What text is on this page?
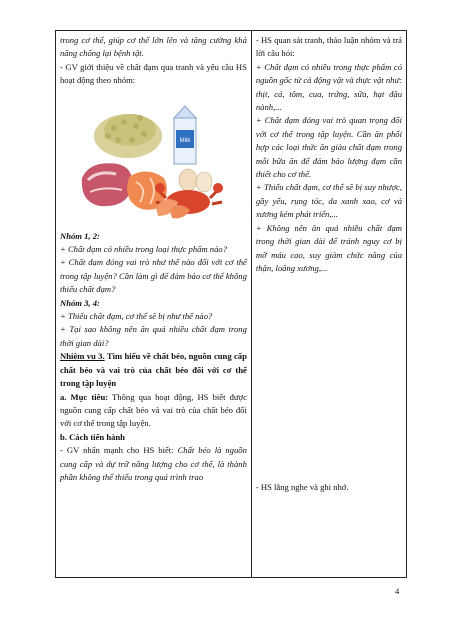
trong cơ thể, giúp cơ thể lớn lên và tăng cường khả năng chống lại bệnh tật.

- GV giới thiệu về chất đạm qua tranh và yêu cầu HS hoạt động theo nhóm:

Milk

Nhóm 1, 2:

+ Chất đạm có nhiều trong loại thực phẩm nào?

+ Chất đạm đóng vai trò như thế nào đối với cơ thể trong tập luyện? Cần làm gì để đảm bảo cơ thể không thiếu chất đạm?

Nhóm 3, 4:

+ Thiếu chất đạm, cơ thể sẽ bị như thế nào?

+ Tại sao không nên ăn quá nhiều chất đạm trong thời gian dài?

Nhiệm vụ 3. Tìm hiểu về chất béo, nguồn cung cấp chất béo và vai trò của chất béo đối với cơ thể trong tập luyện

a. Mục tiêu: Thông qua hoạt động, HS biết được nguồn cung cấp chất béo và vai trò của chất béo đối với cơ thể trong tập luyện.

b. Cách tiến hành

- GV nhấn mạnh cho HS biết: Chất béo là nguồn cung cấp và dự trữ năng lượng cho cơ thể, là thành phần không thể thiếu trong quá trình trao

- HS quan sát tranh, thảo luận nhóm và trả lời câu hỏi:

+ Chất đạm có nhiều trong thực phẩm có nguồn gốc từ cả động vật và thực vật như: thịt, cá, tôm, cua, trứng, sữa, hạt đậu nành,...

+ Chất đạm đóng vai trò quan trọng đối với cơ thể trong tập luyện. Cần ăn phối hợp các loại thức ăn giàu chất đạm trong mỗi bữa ăn để đảm bảo lượng đạm cần thiết cho cơ thể.

+ Thiếu chất đạm, cơ thể sẽ bị suy nhược, gầy yếu, rụng tóc, da xanh xao, cơ và xương kém phát triển,...

+ Không nên ăn quá nhiều chất đạm trong thời gian dài để tránh nguy cơ bị mỡ máu cao, suy giảm chức năng của thận, loãng xương,...

- HS lắng nghe và ghi nhớ.

4
